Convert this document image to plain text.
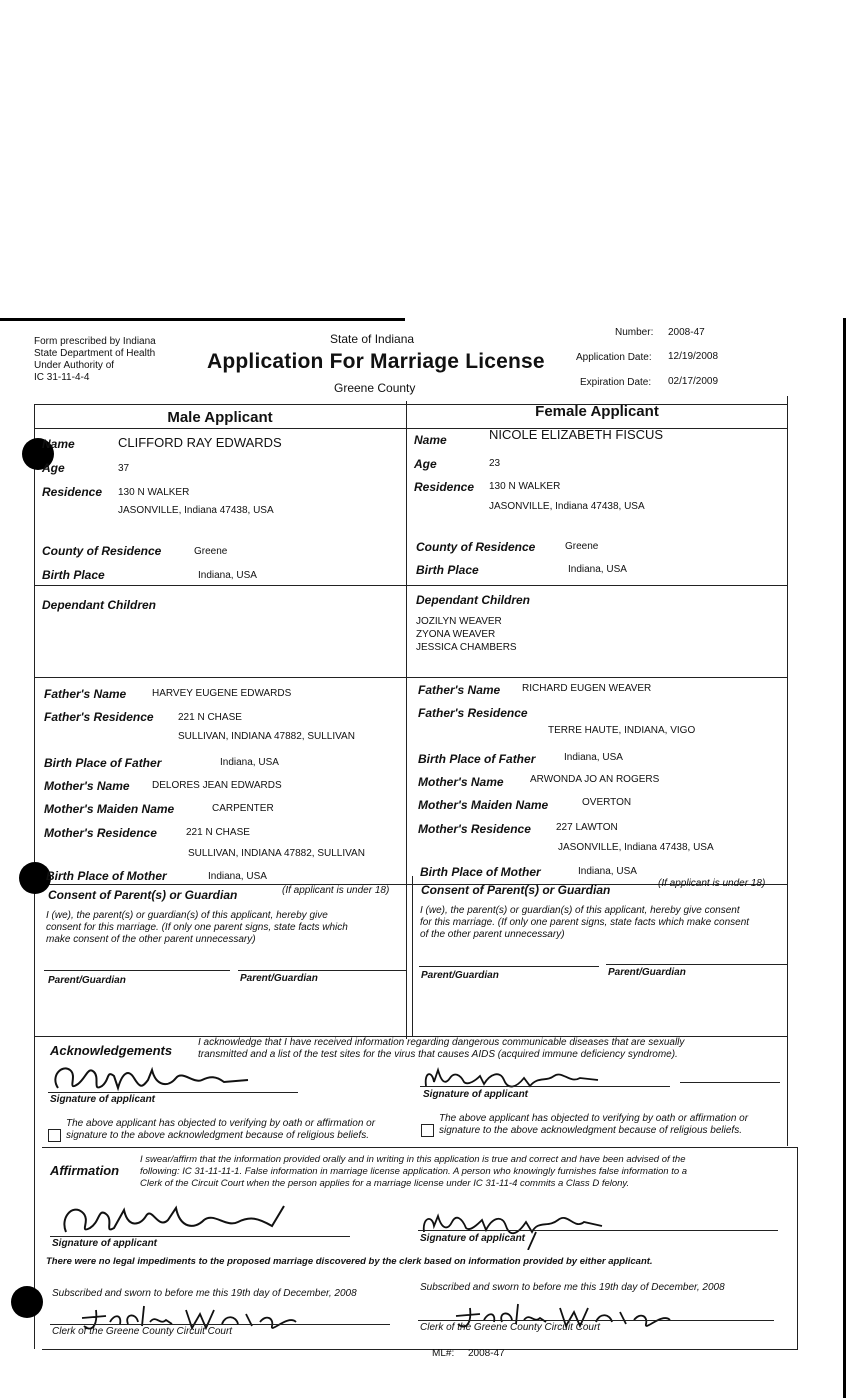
Form prescribed by Indiana
State Department of Health
Under Authority of
IC 31-11-4-4
State of Indiana
Application For Marriage License
Greene County
Number: 2008-47
Application Date: 12/19/2008
Expiration Date: 02/17/2009
Male Applicant	Female Applicant
Name	CLIFFORD RAY EDWARDS
Age	37
Residence 130 N WALKER
JASONVILLE, Indiana 47438, USA
County of Residence	Greene
Birth Place	Indiana, USA
Dependant Children
Father's Name	HARVEY EUGENE EDWARDS
Father's Residence 221 N CHASE
SULLIVAN, INDIANA 47882, SULLIVAN
Birth Place of Father	Indiana, USA
Mother's Name DELORES JEAN EDWARDS
Mother's Maiden Name	CARPENTER
Mother's Residence	221 N CHASE
SULLIVAN, INDIANA 47882, SULLIVAN
Birth Place of Mother	Indiana, USA
Name	NICOLE ELIZABETH FISCUS
Age	23
Residence 130 N WALKER
JASONVILLE, Indiana 47438, USA
County of Residence	Greene
Birth Place	Indiana, USA
Dependant Children
JOZILYN WEAVER
ZYONA WEAVER
JESSICA CHAMBERS
Father's Name RICHARD EUGEN WEAVER
Father's Residence
TERRE HAUTE, INDIANA, VIGO
Birth Place of Father	Indiana, USA
Mother's Name	ARWONDA JO AN ROGERS
Mother's Maiden Name	OVERTON
Mother's Residence	227 LAWTON
JASONVILLE, Indiana 47438, USA
Birth Place of Mother	Indiana, USA
Consent of Parent(s) or Guardian	(If applicant is under 18)
I (we), the parent(s) or guardian(s) of this applicant, hereby give
consent for this marriage. (If only one parent signs, state facts which
make consent of the other parent unnecessary)
Parent/Guardian	Parent/Guardian
Consent of Parent(s) or Guardian	(If applicant is under 18)
I (we), the parent(s) or guardian(s) of this applicant, hereby give consent
for this marriage. (If only one parent signs, state facts which make consent
of the other parent unnecessary)
Parent/Guardian	Parent/Guardian
Acknowledgements
I acknowledge that I have received information regarding dangerous communicable diseases that are sexually
transmitted and a list of the test sites for the virus that causes AIDS (acquired immune deficiency syndrome).
Signature of applicant	Signature of applicant
The above applicant has objected to verifying by oath or affirmation or
signature to the above acknowledgment because of religious beliefs.
The above applicant has objected to verifying by oath or affirmation or
signature to the above acknowledgment because of religious beliefs.
Affirmation
I swear/affirm that the information provided orally and in writing in this application is true and correct and have been advised of the
following: IC 31-11-11-1. False information in marriage license application. A person who knowingly furnishes false information to a
Clerk of the Circuit Court when the person applies for a marriage license under IC 31-11-4 commits a Class D felony.
Signature of applicant	Signature of applicant
There were no legal impediments to the proposed marriage discovered by the clerk based on information provided by either applicant.
Subscribed and sworn to before me this 19th day of December, 2008
Subscribed and sworn to before me this 19th day of December, 2008
Clerk of the Greene County Circuit Court	Clerk of the Greene County Circuit Court
ML#: 2008-47
